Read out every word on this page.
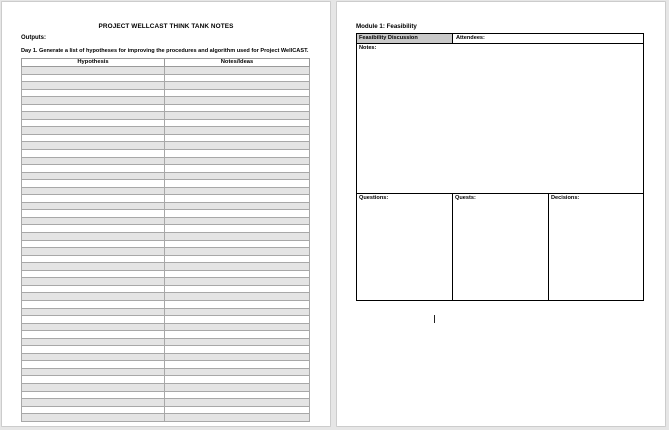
PROJECT WELLCAST THINK TANK NOTES
Outputs:
Day 1. Generate a list of hypotheses for improving the procedures and algorithm used for Project WellCAST.
Hypothesis	Notes/Ideas

Module 1: Feasibility
Feasibility Discussion	Attendees:
Notes:
Questions:	Quests:	Decisions:
